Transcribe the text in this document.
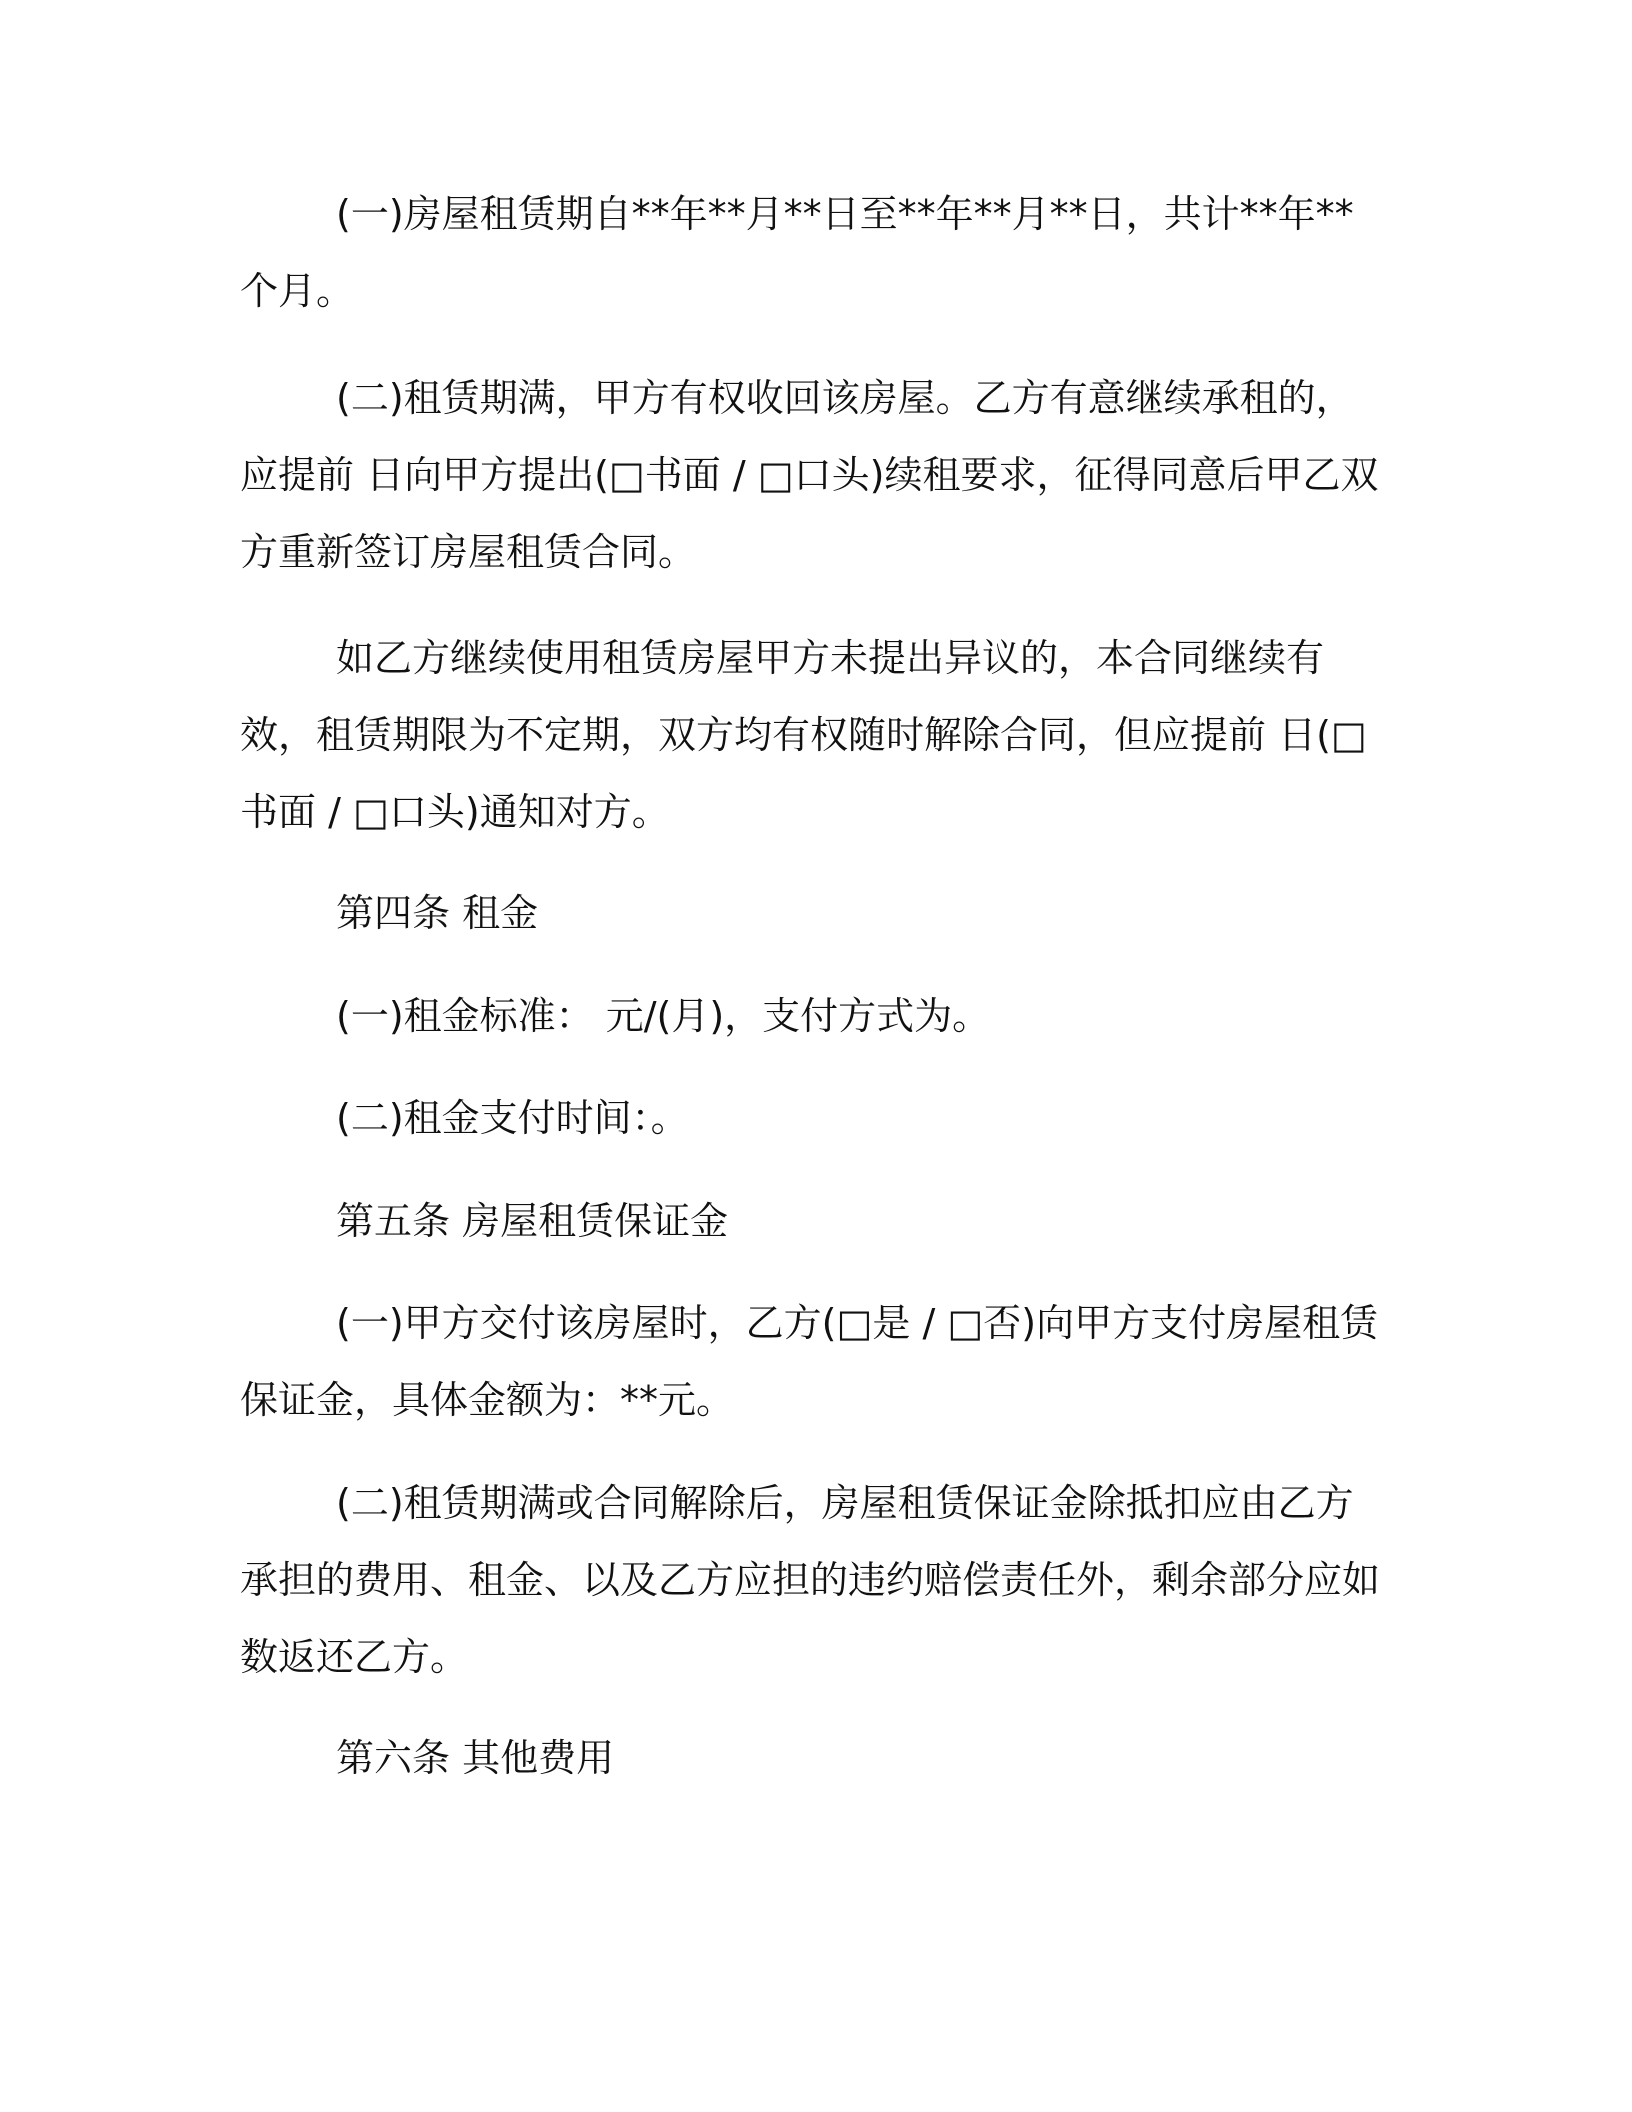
(一)房屋租赁期自**年**月**日至**年**月**日，共计**年**个月。

(二)租赁期满，甲方有权收回该房屋。乙方有意继续承租的，应提前 日向甲方提出(□书面 / □口头)续租要求，征得同意后甲乙双方重新签订房屋租赁合同。

如乙方继续使用租赁房屋甲方未提出异议的，本合同继续有效，租赁期限为不定期，双方均有权随时解除合同，但应提前 日(□书面 / □口头)通知对方。

第四条 租金

(一)租金标准： 元/(月)，支付方式为。

(二)租金支付时间：。

第五条 房屋租赁保证金

(一)甲方交付该房屋时，乙方(□是 / □否)向甲方支付房屋租赁保证金，具体金额为：**元。

(二)租赁期满或合同解除后，房屋租赁保证金除抵扣应由乙方承担的费用、租金、以及乙方应担的违约赔偿责任外，剩余部分应如数返还乙方。

第六条 其他费用
